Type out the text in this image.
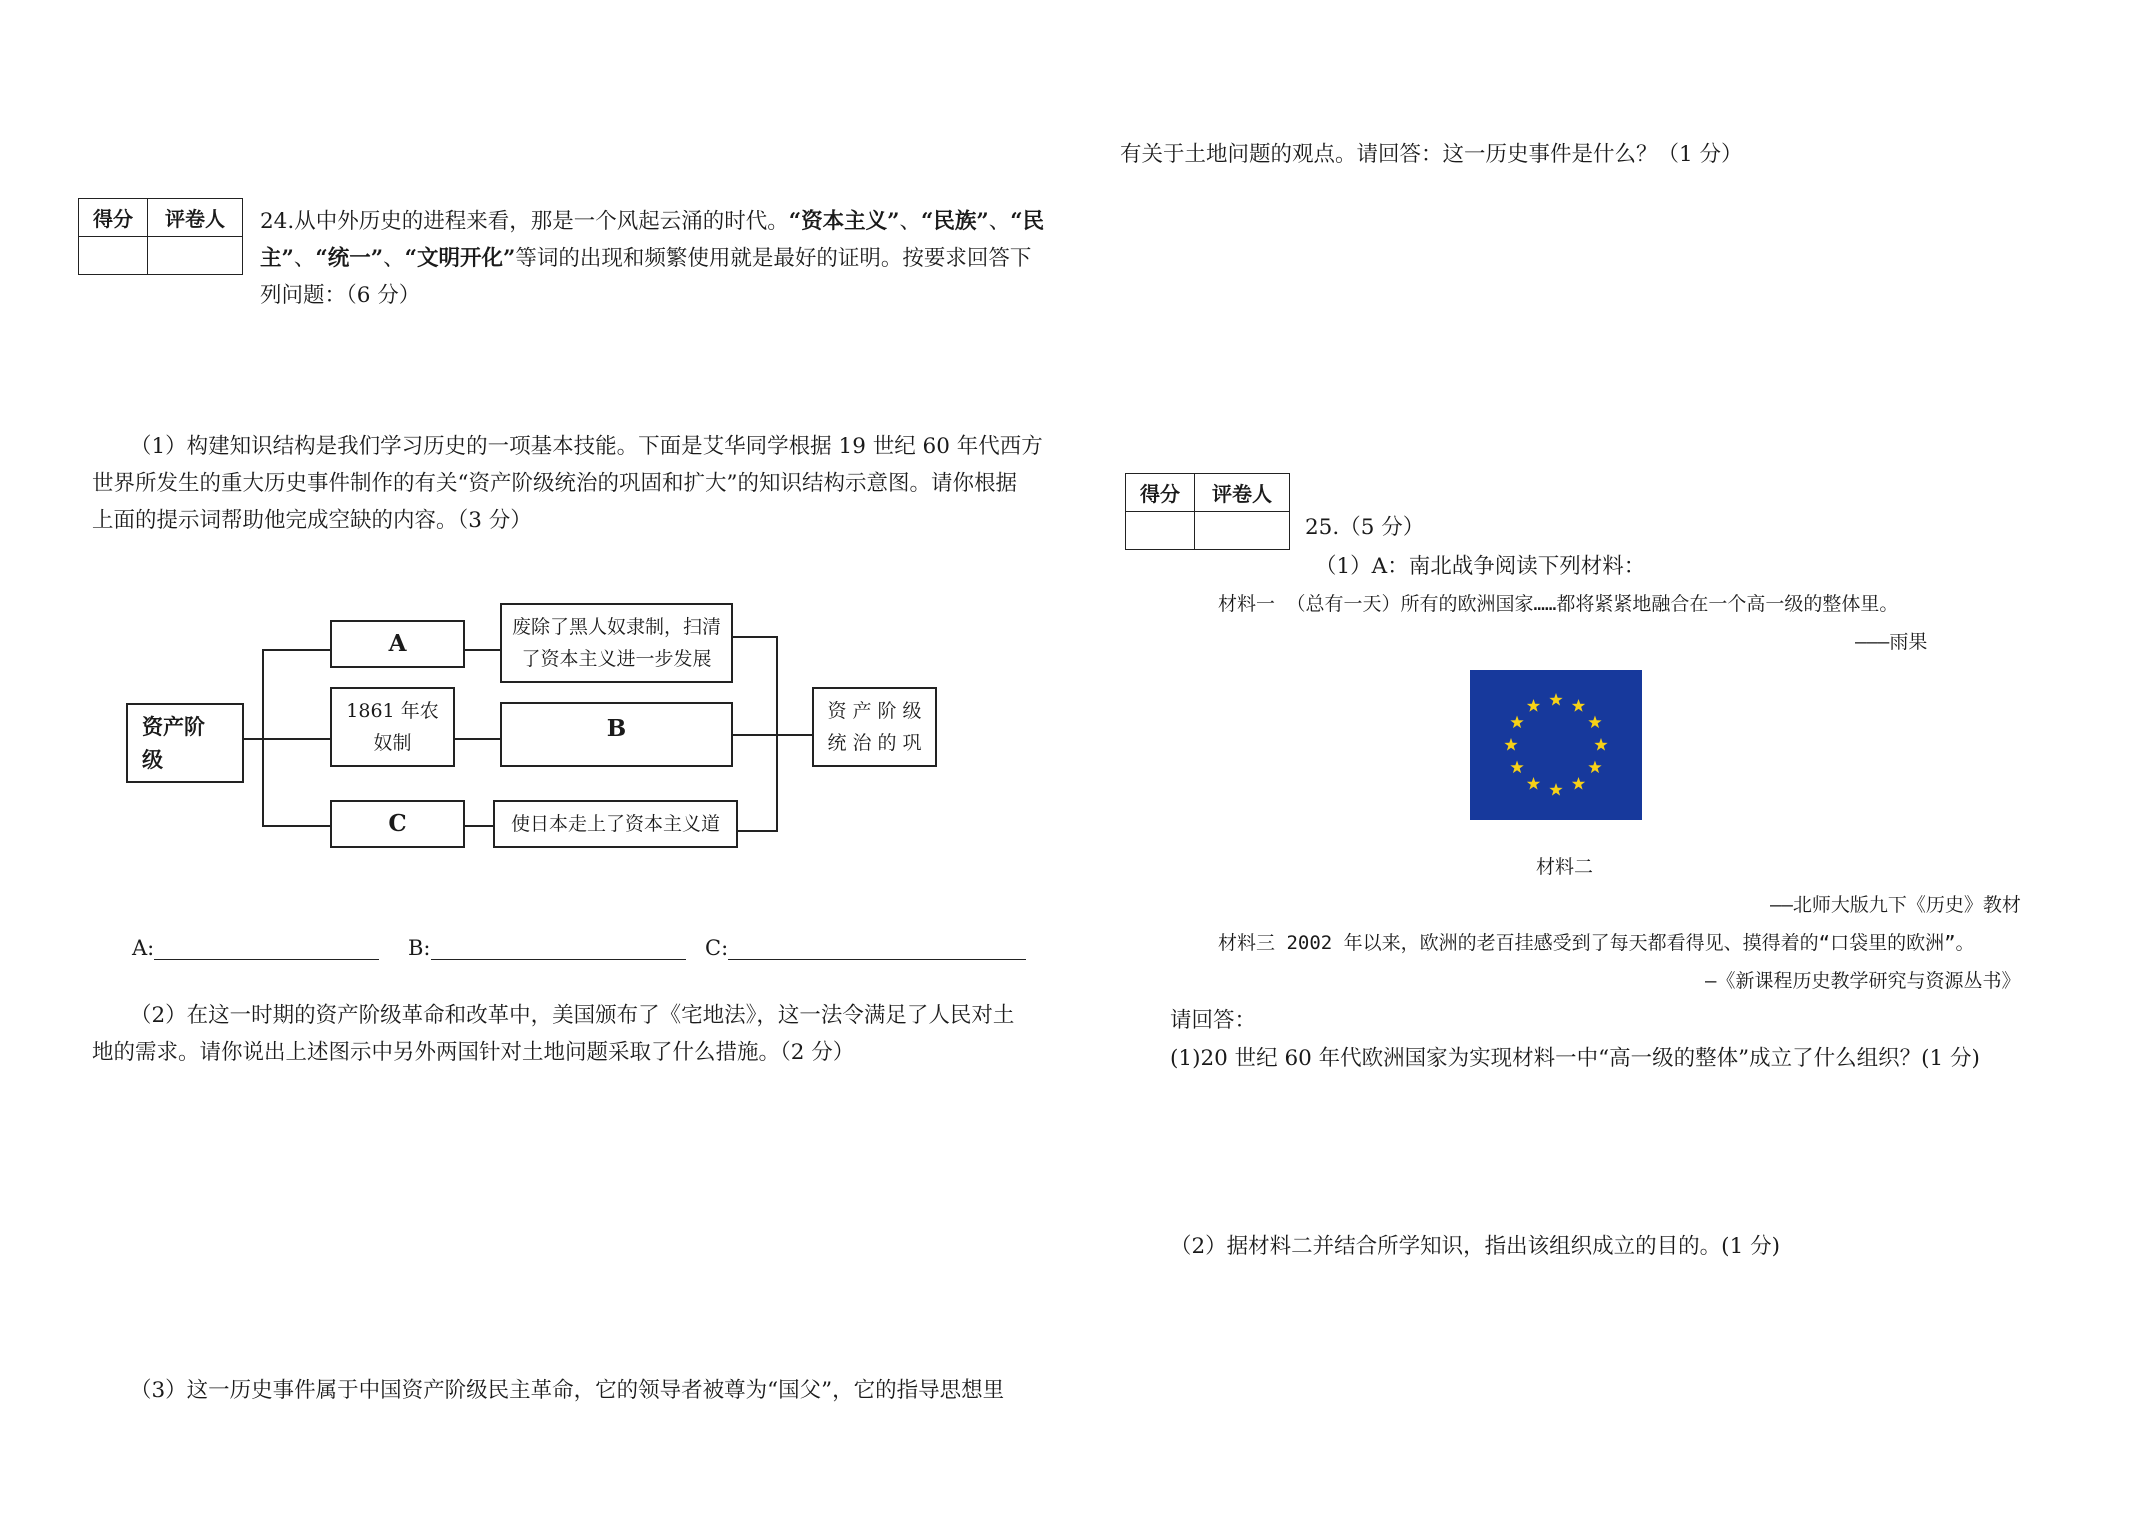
得分	评卷人
	24.从中外历史的进程来看，那是一个风起云涌的时代。“资本主义”、“民族”、“民

主”、“统一”、“文明开化”等词的出现和频繁使用就是最好的证明。按要求回答下

列问题：（6 分）

（1）构建知识结构是我们学习历史的一项基本技能。下面是艾华同学根据 19 世纪 60 年代西方

世界所发生的重大历史事件制作的有关“资产阶级统治的巩固和扩大”的知识结构示意图。请你根据

上面的提示词帮助他完成空缺的内容。（3 分）

资产阶
级
A
废除了黑人奴隶制，扫清
了资本主义进一步发展
1861 年农
奴制
B
C	使日本走上了资本主义道
资 产 阶 级
统 治 的 巩
A:	B:	C:

（2）在这一时期的资产阶级革命和改革中，美国颁布了《宅地法》，这一法令满足了人民对土

地的需求。请你说出上述图示中另外两国针对土地问题采取了什么措施。（2 分）

（3）这一历史事件属于中国资产阶级民主革命，它的领导者被尊为“国父”，它的指导思想里

有关于土地问题的观点。请回答：这一历史事件是什么？（1 分）

得分	评卷人

25.（5 分）
（1）A：南北战争阅读下列材料：
材料一 （总有一天）所有的欧洲国家……都将紧紧地融合在一个高一级的整体里。
———雨果
材料二
——北师大版九下《历史》教材
材料三 2002 年以来，欧洲的老百挂感受到了每天都看得见、摸得着的“口袋里的欧洲”。
—《新课程历史教学研究与资源丛书》
请回答：
(1)20 世纪 60 年代欧洲国家为实现材料一中“高一级的整体”成立了什么组织？(1 分)
（2）据材料二并结合所学知识，指出该组织成立的目的。(1 分)
